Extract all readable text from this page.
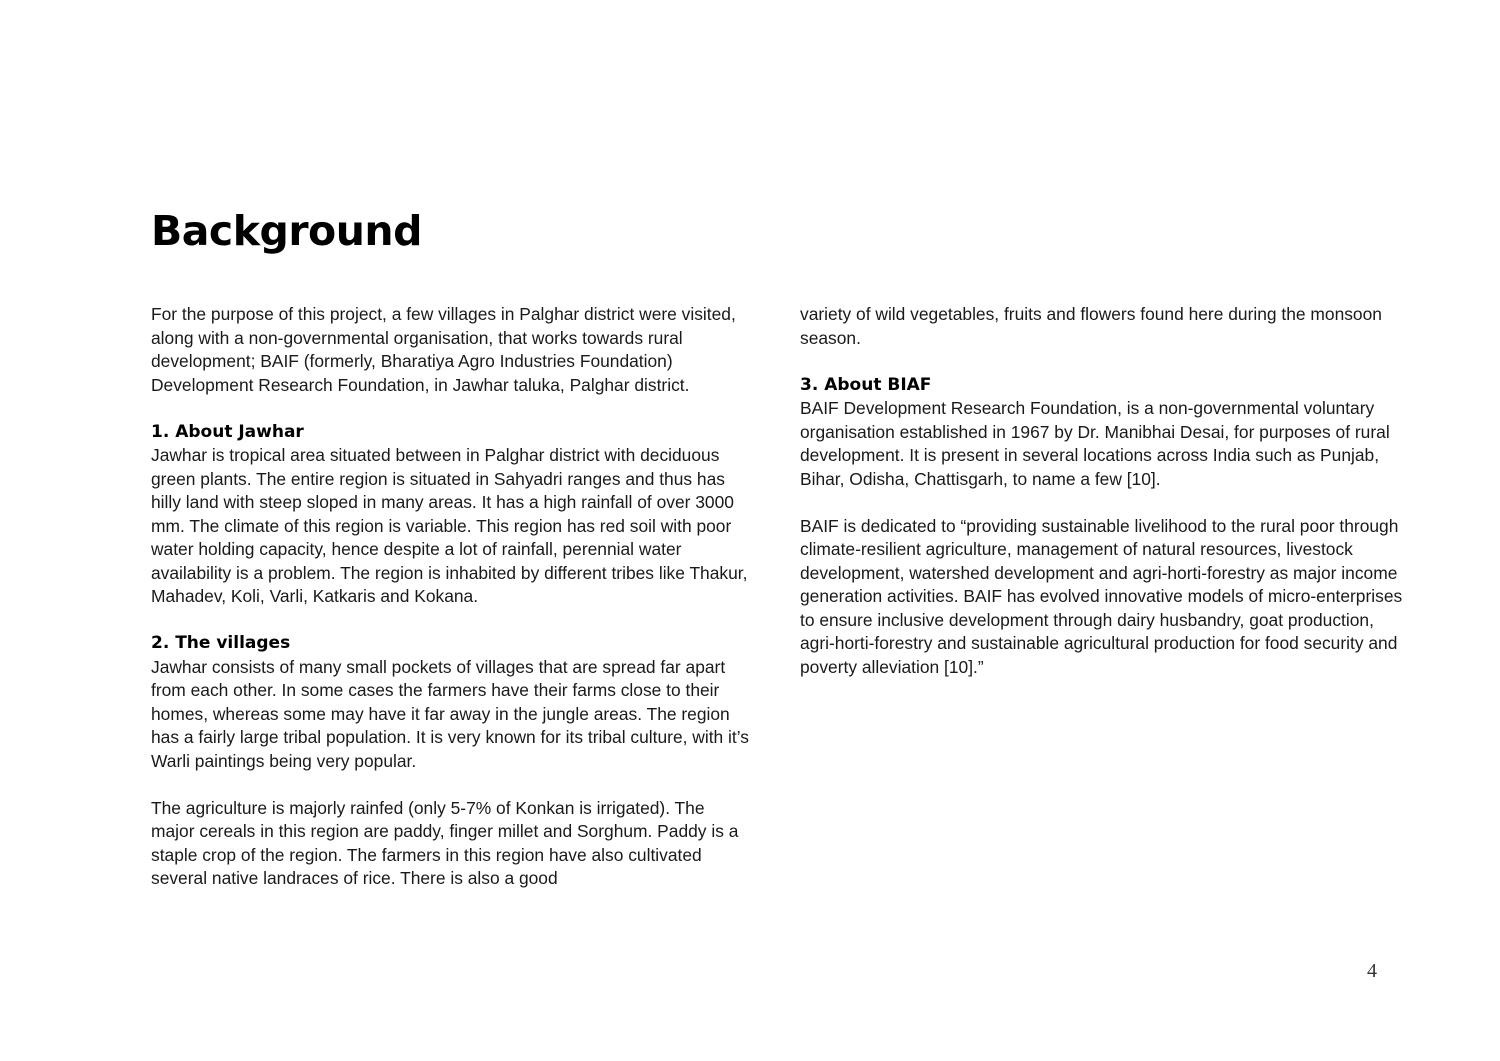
Background

For the purpose of this project, a few villages in Palghar district were visited, along with a non-governmental organisation, that works towards rural development; BAIF (formerly, Bharatiya Agro Industries Foundation) Development Research Foundation, in Jawhar taluka, Palghar district.

1. About Jawhar

Jawhar is tropical area situated between in Palghar district with deciduous green plants. The entire region is situated in Sahyadri ranges and thus has hilly land with steep sloped in many areas. It has a high rainfall of over 3000 mm. The climate of this region is variable. This region has red soil with poor water holding capacity, hence despite a lot of rainfall, perennial water availability is a problem. The region is inhabited by different tribes like Thakur, Mahadev, Koli, Varli, Katkaris and Kokana.

2. The villages

Jawhar consists of many small pockets of villages that are spread far apart from each other. In some cases the farmers have their farms close to their homes, whereas some may have it far away in the jungle areas. The region has a fairly large tribal population. It is very known for its tribal culture, with it’s Warli paintings being very popular.

The agriculture is majorly rainfed (only 5-7% of Konkan is irrigated). The major cereals in this region are paddy, finger millet and Sorghum. Paddy is a staple crop of the region. The farmers in this region have also cultivated several native landraces of rice. There is also a good

variety of wild vegetables, fruits and flowers found here during the monsoon season.

3. About BIAF

BAIF Development Research Foundation, is a non-governmental voluntary organisation established in 1967 by Dr. Manibhai Desai, for purposes of rural development. It is present in several locations across India such as Punjab, Bihar, Odisha, Chattisgarh, to name a few [10].

BAIF is dedicated to “providing sustainable livelihood to the rural poor through climate-resilient agriculture, management of natural resources, livestock development, watershed development and agri-horti-forestry as major income generation activities. BAIF has evolved innovative models of micro-enterprises to ensure inclusive development through dairy husbandry, goat production, agri-horti-forestry and sustainable agricultural production for food security and poverty alleviation [10].”

4
